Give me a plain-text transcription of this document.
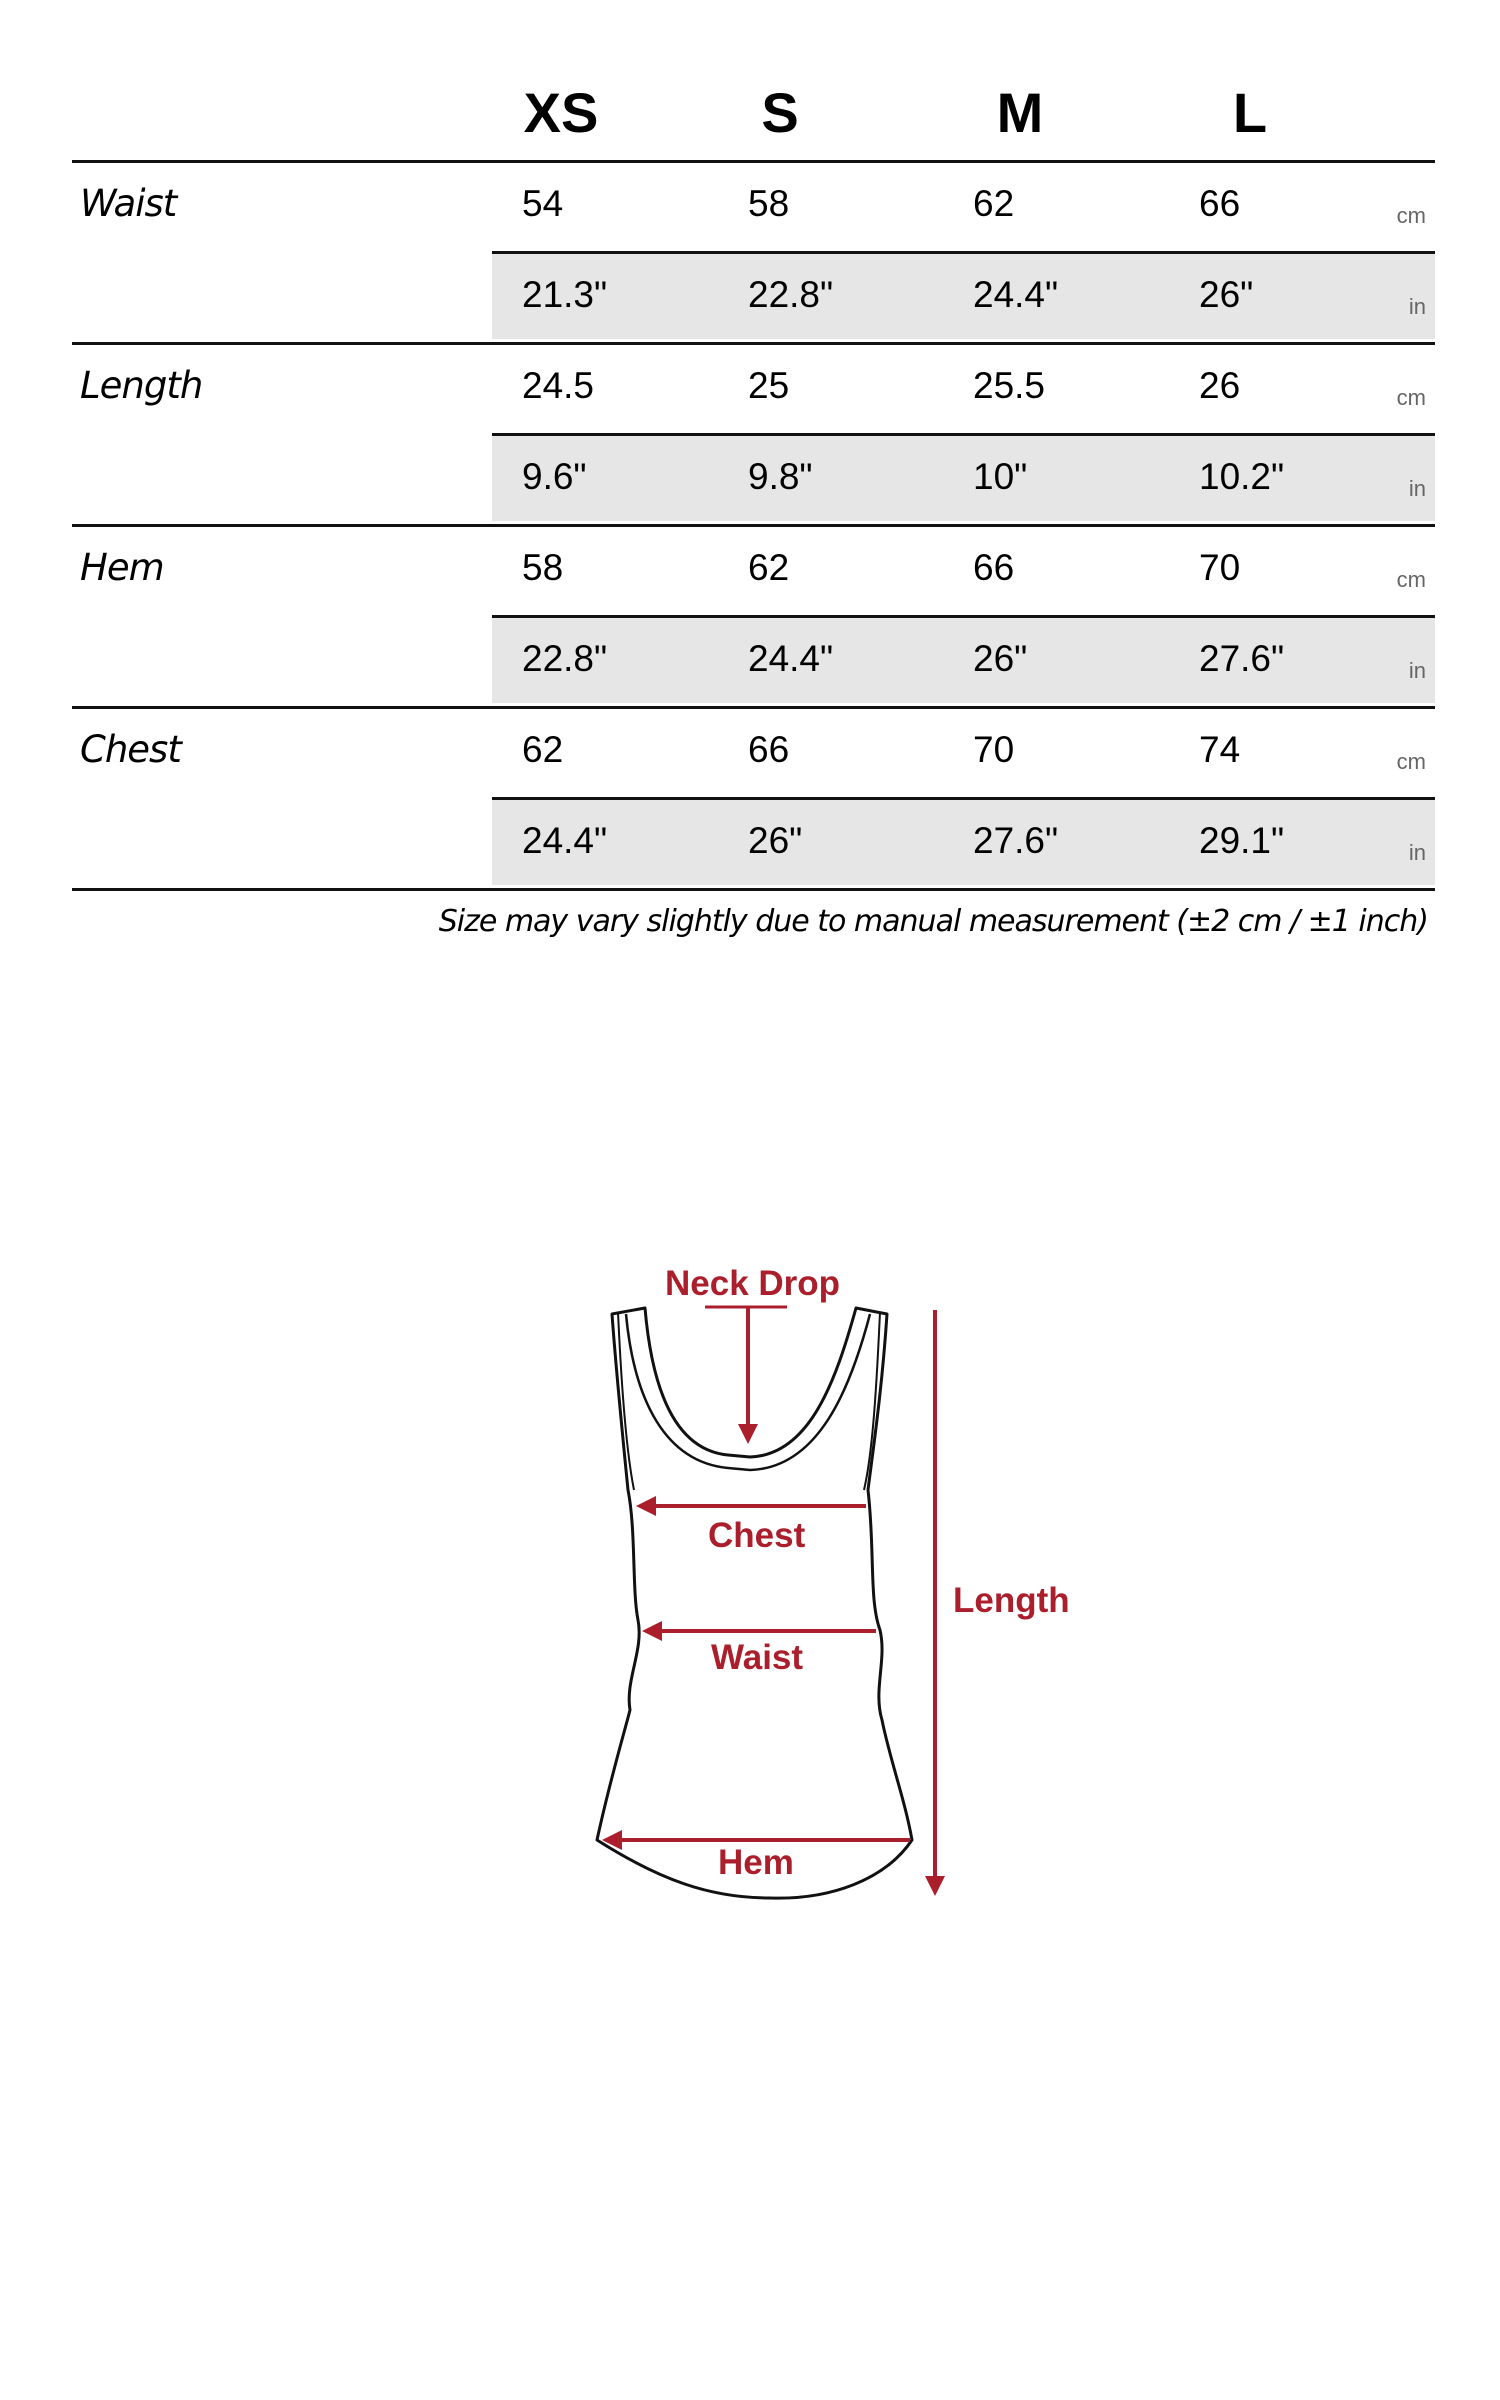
XS	S	M	L
Waist	54	58	62	66	cm
21.3"	22.8"	24.4"	26"	in
Length	24.5	25	25.5	26	cm
9.6"	9.8"	10"	10.2"	in
Hem	58	62	66	70	cm
22.8"	24.4"	26"	27.6"	in
Chest	62	66	70	74	cm
24.4"	26"	27.6"	29.1"	in
Size may vary slightly due to manual measurement (±2 cm / ±1 inch)
Neck Drop
Chest
Waist
Hem
Length
